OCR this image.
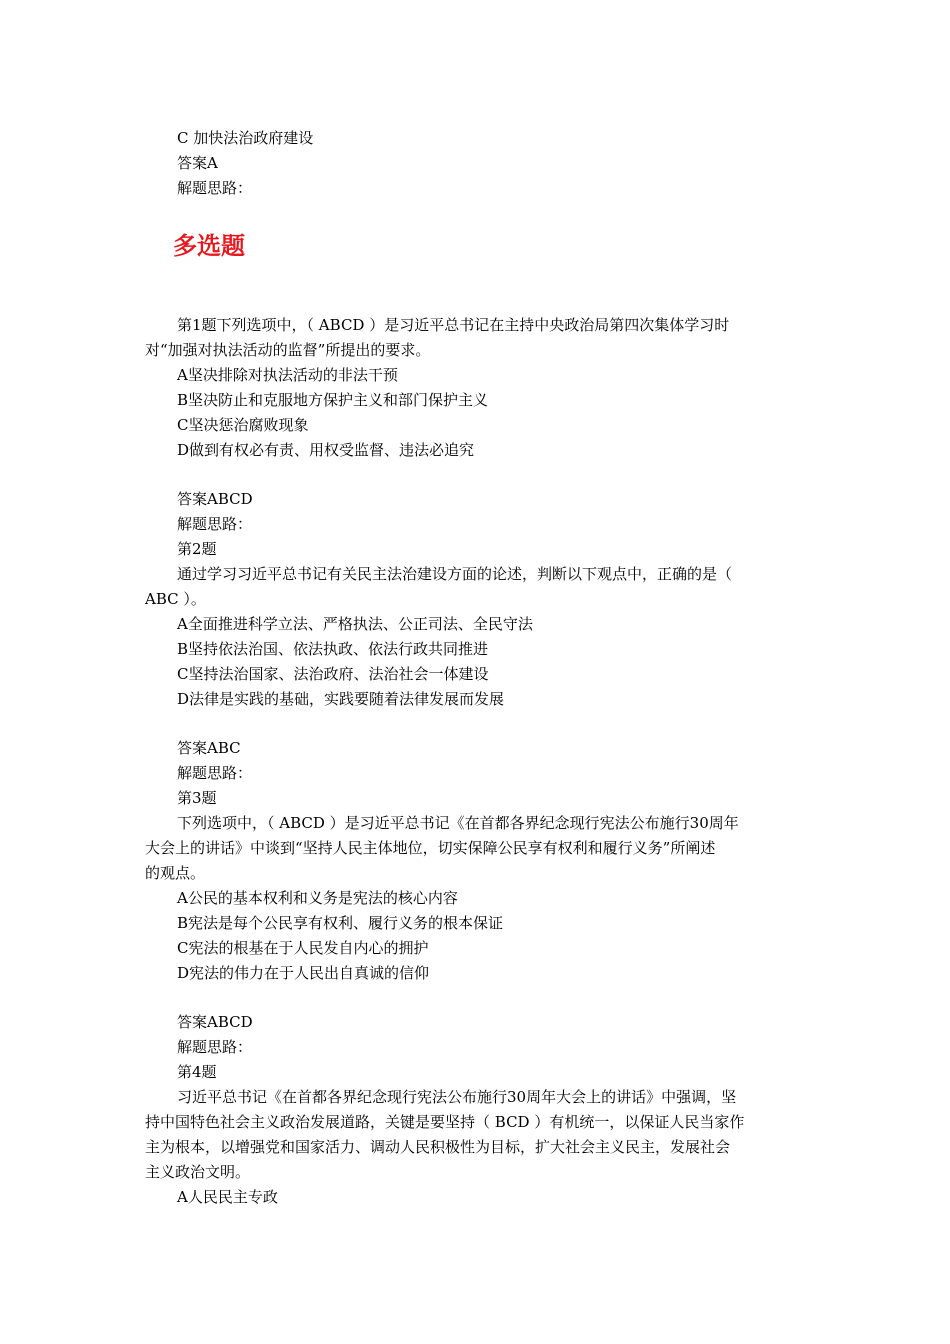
C 加快法治政府建设
答案A
解题思路：
多选题
第1题下列选项中，（ ABCD ）是习近平总书记在主持中央政治局第四次集体学习时
对“加强对执法活动的监督”所提出的要求。
A坚决排除对执法活动的非法干预
B坚决防止和克服地方保护主义和部门保护主义
C坚决惩治腐败现象
D做到有权必有责、用权受监督、违法必追究
答案ABCD
解题思路：
第2题
通过学习习近平总书记有关民主法治建设方面的论述，判断以下观点中，正确的是（
ABC ）。
A全面推进科学立法、严格执法、公正司法、全民守法
B坚持依法治国、依法执政、依法行政共同推进
C坚持法治国家、法治政府、法治社会一体建设
D法律是实践的基础，实践要随着法律发展而发展
答案ABC
解题思路：
第3题
下列选项中，（ ABCD ）是习近平总书记《在首都各界纪念现行宪法公布施行30周年
大会上的讲话》中谈到“坚持人民主体地位，切实保障公民享有权利和履行义务”所阐述
的观点。
A公民的基本权利和义务是宪法的核心内容
B宪法是每个公民享有权利、履行义务的根本保证
C宪法的根基在于人民发自内心的拥护
D宪法的伟力在于人民出自真诚的信仰
答案ABCD
解题思路：
第4题
习近平总书记《在首都各界纪念现行宪法公布施行30周年大会上的讲话》中强调，坚
持中国特色社会主义政治发展道路，关键是要坚持（ BCD ）有机统一，以保证人民当家作
主为根本，以增强党和国家活力、调动人民积极性为目标，扩大社会主义民主，发展社会
主义政治文明。
A人民民主专政
